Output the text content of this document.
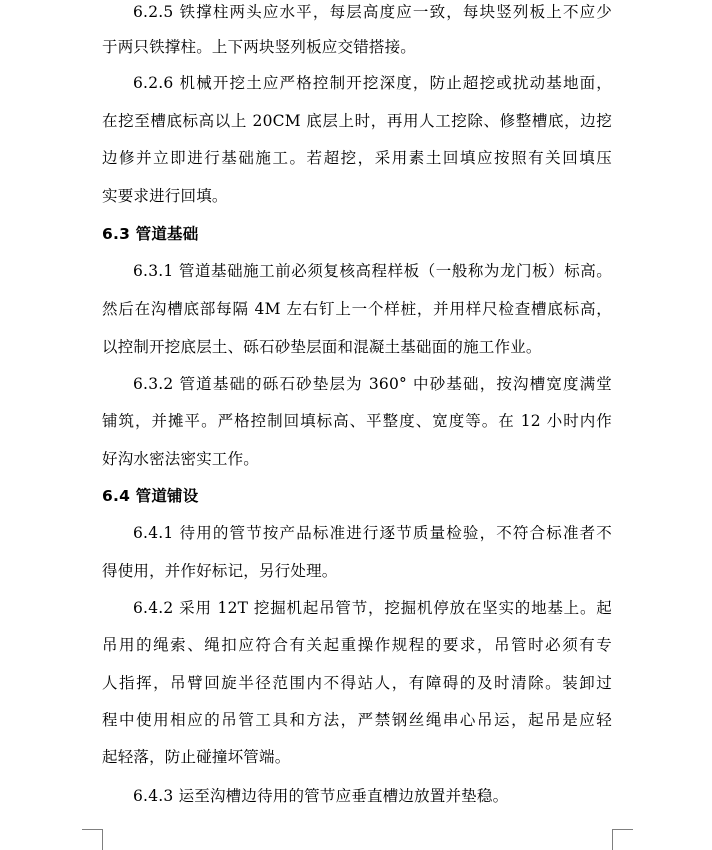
6.2.5 铁撑柱两头应水平，每层高度应一致，每块竖列板上不应少
于两只铁撑柱。上下两块竖列板应交错搭接。
6.2.6 机械开挖土应严格控制开挖深度，防止超挖或扰动基地面，
在挖至槽底标高以上 20CM 底层上时，再用人工挖除、修整槽底，边挖
边修并立即进行基础施工。若超挖，采用素土回填应按照有关回填压
实要求进行回填。
6.3 管道基础
6.3.1 管道基础施工前必须复核高程样板（一般称为龙门板）标高。
然后在沟槽底部每隔 4M 左右钉上一个样桩，并用样尺检查槽底标高，
以控制开挖底层土、砾石砂垫层面和混凝土基础面的施工作业。
6.3.2 管道基础的砾石砂垫层为 360° 中砂基础，按沟槽宽度满堂
铺筑，并摊平。严格控制回填标高、平整度、宽度等。在 12 小时内作
好沟水密法密实工作。
6.4 管道铺设
6.4.1 待用的管节按产品标准进行逐节质量检验，不符合标准者不
得使用，并作好标记，另行处理。
6.4.2 采用 12T 挖掘机起吊管节，挖掘机停放在坚实的地基上。起
吊用的绳索、绳扣应符合有关起重操作规程的要求，吊管时必须有专
人指挥，吊臂回旋半径范围内不得站人，有障碍的及时清除。装卸过
程中使用相应的吊管工具和方法，严禁钢丝绳串心吊运，起吊是应轻
起轻落，防止碰撞坏管端。
6.4.3 运至沟槽边待用的管节应垂直槽边放置并垫稳。
